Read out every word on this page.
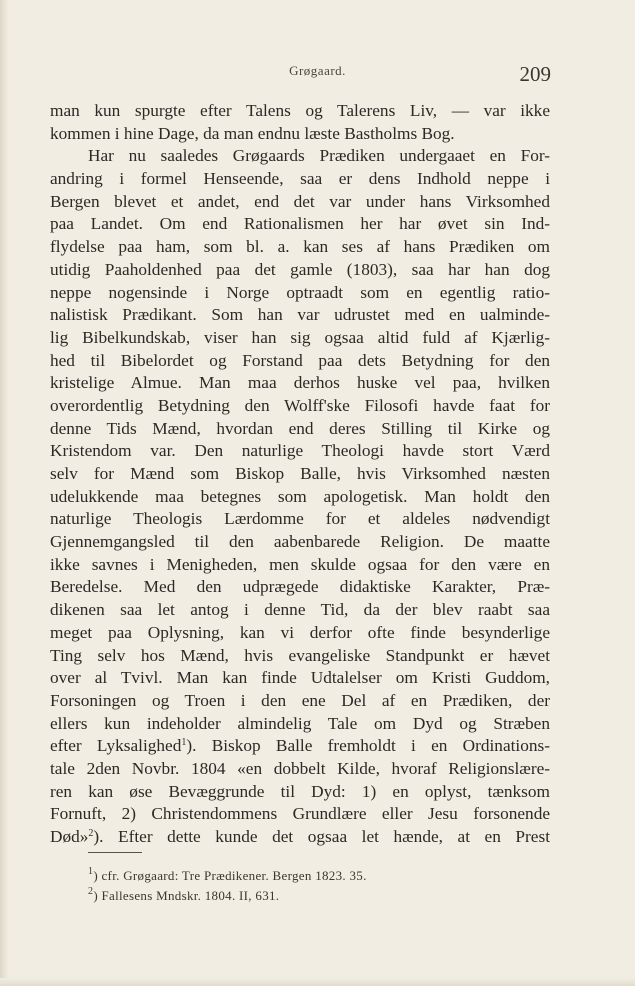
Grøgaard.	209
man kun spurgte efter Talens og Talerens Liv, — var ikke
kommen i hine Dage, da man endnu læste Bastholms Bog.
Har nu saaledes Grøgaards Prædiken undergaaet en For-
andring i formel Henseende, saa er dens Indhold neppe i
Bergen blevet et andet, end det var under hans Virksomhed
paa Landet. Om end Rationalismen her har øvet sin Ind-
flydelse paa ham, som bl. a. kan ses af hans Prædiken om
utidig Paaholdenhed paa det gamle (1803), saa har han dog
neppe nogensinde i Norge optraadt som en egentlig ratio-
nalistisk Prædikant. Som han var udrustet med en ualminde-
lig Bibelkundskab, viser han sig ogsaa altid fuld af Kjærlig-
hed til Bibelordet og Forstand paa dets Betydning for den
kristelige Almue. Man maa derhos huske vel paa, hvilken
overordentlig Betydning den Wolff'ske Filosofi havde faat for
denne Tids Mænd, hvordan end deres Stilling til Kirke og
Kristendom var. Den naturlige Theologi havde stort Værd
selv for Mænd som Biskop Balle, hvis Virksomhed næsten
udelukkende maa betegnes som apologetisk. Man holdt den
naturlige Theologis Lærdomme for et aldeles nødvendigt
Gjennemgangsled til den aabenbarede Religion. De maatte
ikke savnes i Menigheden, men skulde ogsaa for den være en
Beredelse. Med den udprægede didaktiske Karakter, Præ-
dikenen saa let antog i denne Tid, da der blev raabt saa
meget paa Oplysning, kan vi derfor ofte finde besynderlige
Ting selv hos Mænd, hvis evangeliske Standpunkt er hævet
over al Tvivl. Man kan finde Udtalelser om Kristi Guddom,
Forsoningen og Troen i den ene Del af en Prædiken, der
ellers kun indeholder almindelig Tale om Dyd og Stræben
efter Lyksalighed$^1$). Biskop Balle fremholdt i en Ordinations-
tale 2den Novbr. 1804 «en dobbelt Kilde, hvoraf Religionslære-
ren kan øse Bevæggrunde til Dyd: 1) en oplyst, tænksom
Fornuft, 2) Christendommens Grundlære eller Jesu forsonende
Død»$^2$). Efter dette kunde det ogsaa let hænde, at en Prest
$^1$) cfr. Grøgaard: Tre Prædikener. Bergen 1823. 35.
$^2$) Fallesens Mndskr. 1804. II, 631.
